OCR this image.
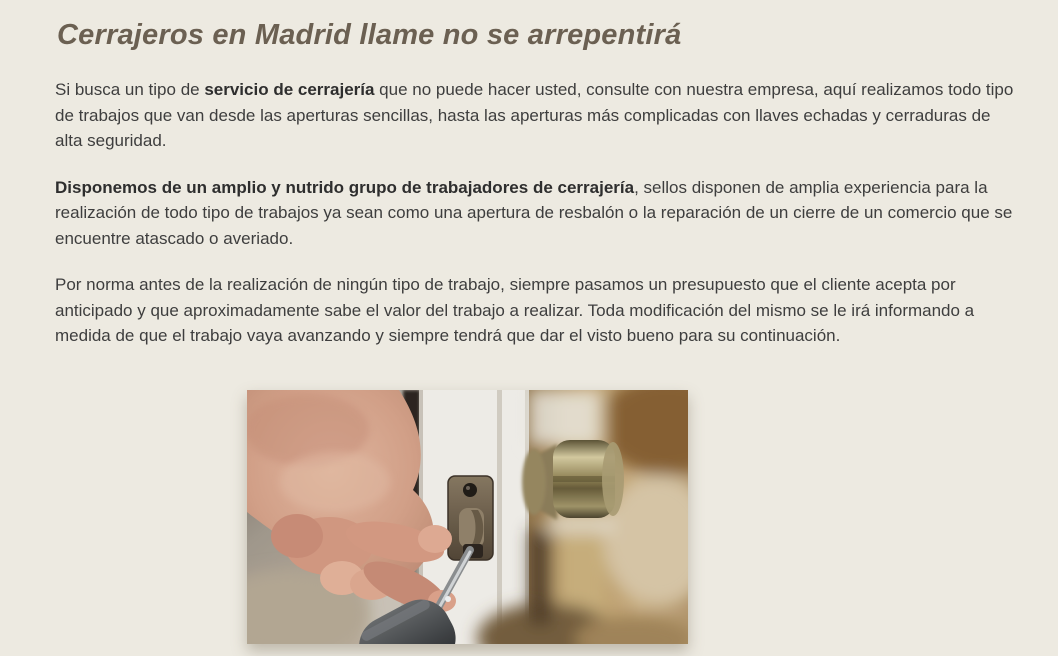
Cerrajeros en Madrid llame no se arrepentirá

Si busca un tipo de servicio de cerrajería que no puede hacer usted, consulte con nuestra empresa, aquí realizamos todo tipo de trabajos que van desde las aperturas sencillas, hasta las aperturas más complicadas con llaves echadas y cerraduras de alta seguridad.

Disponemos de un amplio y nutrido grupo de trabajadores de cerrajería, sellos disponen de amplia experiencia para la realización de todo tipo de trabajos ya sean como una apertura de resbalón o la reparación de un cierre de un comercio que se encuentre atascado o averiado.

Por norma antes de la realización de ningún tipo de trabajo, siempre pasamos un presupuesto que el cliente acepta por anticipado y que aproximadamente sabe el valor del trabajo a realizar. Toda modificación del mismo se le irá informando a medida de que el trabajo vaya avanzando y siempre tendrá que dar el visto bueno para su continuación.
